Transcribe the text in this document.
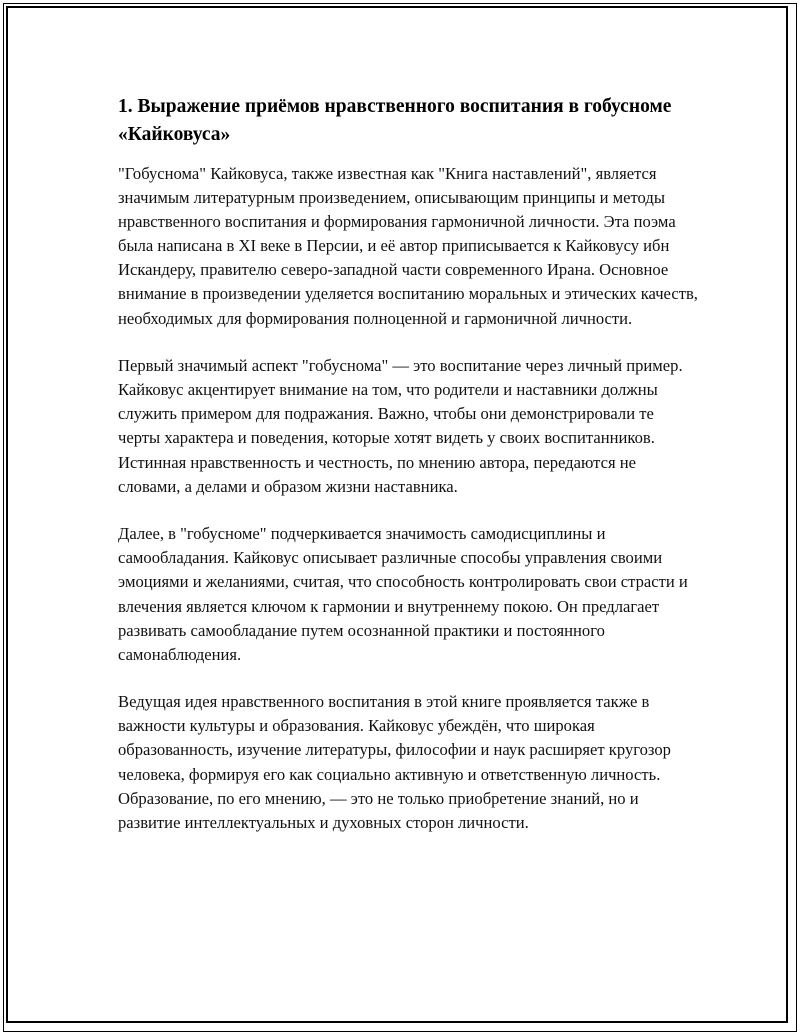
1. Выражение приёмов нравственного воспитания в гобусноме «Кайковуса»

"Гобуснома" Кайковуса, также известная как "Книга наставлений", является значимым литературным произведением, описывающим принципы и методы нравственного воспитания и формирования гармоничной личности. Эта поэма была написана в XI веке в Персии, и её автор приписывается к Кайковусу ибн Искандеру, правителю северо-западной части современного Ирана. Основное внимание в произведении уделяется воспитанию моральных и этических качеств, необходимых для формирования полноценной и гармоничной личности.

Первый значимый аспект "гобуснома" — это воспитание через личный пример. Кайковус акцентирует внимание на том, что родители и наставники должны служить примером для подражания. Важно, чтобы они демонстрировали те черты характера и поведения, которые хотят видеть у своих воспитанников. Истинная нравственность и честность, по мнению автора, передаются не словами, а делами и образом жизни наставника.

Далее, в "гобусноме" подчеркивается значимость самодисциплины и самообладания. Кайковус описывает различные способы управления своими эмоциями и желаниями, считая, что способность контролировать свои страсти и влечения является ключом к гармонии и внутреннему покою. Он предлагает развивать самообладание путем осознанной практики и постоянного самонаблюдения.

Ведущая идея нравственного воспитания в этой книге проявляется также в важности культуры и образования. Кайковус убеждён, что широкая образованность, изучение литературы, философии и наук расширяет кругозор человека, формируя его как социально активную и ответственную личность. Образование, по его мнению, — это не только приобретение знаний, но и развитие интеллектуальных и духовных сторон личности.
